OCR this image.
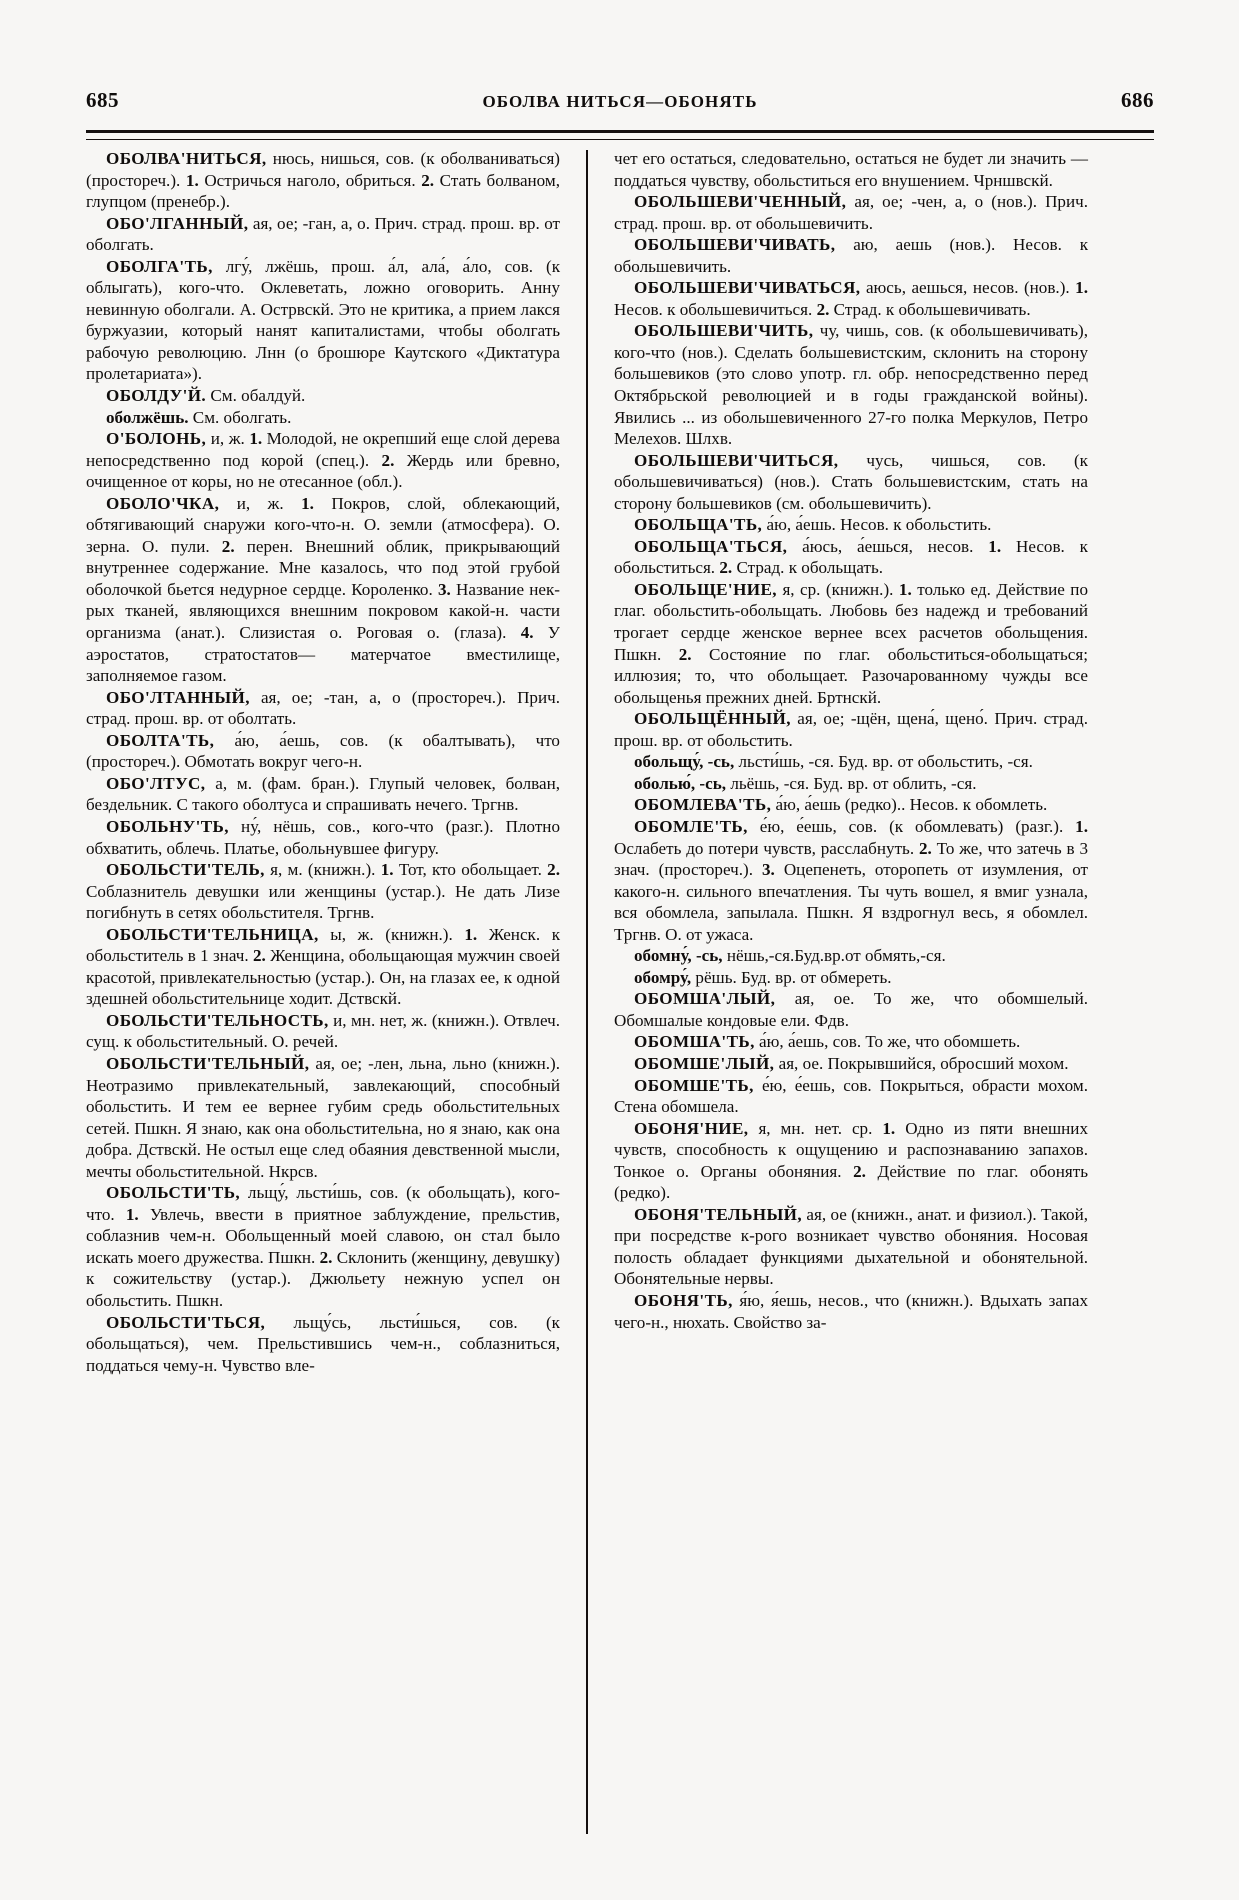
685	ОБОЛВА НИТЬСЯ—ОБОНЯТЬ	686

ОБОЛВА'НИТЬСЯ, нюсь, нишься, сов. (к оболваниваться) (простореч.). 1. Остричься наголо, обриться. 2. Стать болваном, глупцом (пренебр.).

ОБО'ЛГАННЫЙ, ая, ое; -ган, а, о. Прич. страд. прош. вр. от оболгать.

ОБОЛГА'ТЬ, лгу́, лжёшь, прош. а́л, ала́, а́ло, сов. (к облыгать), кого-что. Оклеветать, ложно оговорить. Анну невинную оболгали. А. Острвскй. Это не критика, а прием лакся буржуазии, который нанят капиталистами, чтобы оболгать рабочую революцию. Лнн (о брошюре Каутского «Диктатура пролетариата»).

ОБОЛДУ'Й. См. обалдуй.

оболжёшь. См. оболгать.

О'БОЛОНЬ, и, ж. 1. Молодой, не окрепший еще слой дерева непосредственно под корой (спец.). 2. Жердь или бревно, очищенное от коры, но не отесанное (обл.).

ОБОЛО'ЧКА, и, ж. 1. Покров, слой, облекающий, обтягивающий снаружи кого-что-н. О. земли (атмосфера). О. зерна. О. пули. 2. перен. Внешний облик, прикрывающий внутреннее содержание. Мне казалось, что под этой грубой оболочкой бьется недурное сердце. Короленко. 3. Название нек-рых тканей, являющихся внешним покровом какой-н. части организма (анат.). Слизистая о. Роговая о. (глаза). 4. У аэростатов, стратостатов— матерчатое вместилище, заполняемое газом.

ОБО'ЛТАННЫЙ, ая, ое; -тан, а, о (простореч.). Прич. страд. прош. вр. от оболтать.

ОБОЛТА'ТЬ, а́ю, а́ешь, сов. (к обалтывать), что (простореч.). Обмотать вокруг чего-н.

ОБО'ЛТУС, а, м. (фам. бран.). Глупый человек, болван, бездельник. С такого оболтуса и спрашивать нечего. Тргнв.

ОБОЛЬНУ'ТЬ, ну́, нёшь, сов., кого-что (разг.). Плотно обхватить, облечь. Платье, обольнувшее фигуру.

ОБОЛЬСТИ'ТЕЛЬ, я, м. (книжн.). 1. Тот, кто обольщает. 2. Соблазнитель девушки или женщины (устар.). Не дать Лизе погибнуть в сетях обольстителя. Тргнв.

ОБОЛЬСТИ'ТЕЛЬНИЦА, ы, ж. (книжн.). 1. Женск. к обольститель в 1 знач. 2. Женщина, обольщающая мужчин своей красотой, привлекательностью (устар.). Он, на глазах ее, к одной здешней обольстительнице ходит. Дствскй.

ОБОЛЬСТИ'ТЕЛЬНОСТЬ, и, мн. нет, ж. (книжн.). Отвлеч. сущ. к обольстительный. О. речей.

ОБОЛЬСТИ'ТЕЛЬНЫЙ, ая, ое; -лен, льна, льно (книжн.). Неотразимо привлекательный, завлекающий, способный обольстить. И тем ее вернее губим средь обольстительных сетей. Пшкн. Я знаю, как она обольстительна, но я знаю, как она добра. Дствскй. Не остыл еще след обаяния девственной мысли, мечты обольстительной. Нкрсв.

ОБОЛЬСТИ'ТЬ, льщу́, льсти́шь, сов. (к обольщать), кого-что. 1. Увлечь, ввести в приятное заблуждение, прельстив, соблазнив чем-н. Обольщенный моей славою, он стал было искать моего дружества. Пшкн. 2. Склонить (женщину, девушку) к сожительству (устар.). Джюльету нежную успел он обольстить. Пшкн.

ОБОЛЬСТИ'ТЬСЯ, льщу́сь, льсти́шься, сов. (к обольщаться), чем. Прельстившись чем-н., соблазниться, поддаться чему-н. Чувство вле-

чет его остаться, следовательно, остаться не будет ли значить — поддаться чувству, обольститься его внушением. Чрншвскй.

ОБОЛЬШЕВИ'ЧЕННЫЙ, ая, ое; -чен, а, о (нов.). Прич. страд. прош. вр. от обольшевичить.

ОБОЛЬШЕВИ'ЧИВАТЬ, аю, аешь (нов.). Несов. к обольшевичить.

ОБОЛЬШЕВИ'ЧИВАТЬСЯ, аюсь, аешься, несов. (нов.). 1. Несов. к обольшевичиться. 2. Страд. к обольшевичивать.

ОБОЛЬШЕВИ'ЧИТЬ, чу, чишь, сов. (к обольшевичивать), кого-что (нов.). Сделать большевистским, склонить на сторону большевиков (это слово употр. гл. обр. непосредственно перед Октябрьской революцией и в годы гражданской войны). Явились ... из обольшевиченного 27-го полка Меркулов, Петро Мелехов. Шлхв.

ОБОЛЬШЕВИ'ЧИТЬСЯ, чусь, чишься, сов. (к обольшевичиваться) (нов.). Стать большевистским, стать на сторону большевиков (см. обольшевичить).

ОБОЛЬЩА'ТЬ, а́ю, а́ешь. Несов. к обольстить.

ОБОЛЬЩА'ТЬСЯ, а́юсь, а́ешься, несов. 1. Несов. к обольститься. 2. Страд. к обольщать.

ОБОЛЬЩЕ'НИЕ, я, ср. (книжн.). 1. только ед. Действие по глаг. обольстить-обольщать. Любовь без надежд и требований трогает сердце женское вернее всех расчетов обольщения. Пшкн. 2. Состояние по глаг. обольститься-обольщаться; иллюзия; то, что обольщает. Разочарованному чужды все обольщенья прежних дней. Бртнскй.

ОБОЛЬЩЁННЫЙ, ая, ое; -щён, щена́, щено́. Прич. страд. прош. вр. от обольстить.

обольщу́, -сь, льсти́шь, -ся. Буд. вр. от обольстить, -ся.

оболью́, -сь, льёшь, -ся. Буд. вр. от облить, -ся.

ОБОМЛЕВА'ТЬ, а́ю, а́ешь (редко).. Несов. к обомлеть.

ОБОМЛЕ'ТЬ, е́ю, е́ешь, сов. (к обомлевать) (разг.). 1. Ослабеть до потери чувств, расслабнуть. 2. То же, что затечь в 3 знач. (простореч.). 3. Оцепенеть, оторопеть от изумления, от какого-н. сильного впечатления. Ты чуть вошел, я вмиг узнала, вся обомлела, запылала. Пшкн. Я вздрогнул весь, я обомлел. Тргнв. О. от ужаса.

обомну́, -сь, нёшь,-ся.Буд.вр.от обмять,-ся.

обомру́, рёшь. Буд. вр. от обмереть.

ОБОМША'ЛЫЙ, ая, ое. То же, что обомшелый. Обомшалые кондовые ели. Фдв.

ОБОМША'ТЬ, а́ю, а́ешь, сов. То же, что обомшеть.

ОБОМШЕ'ЛЫЙ, ая, ое. Покрывшийся, обросший мохом.

ОБОМШЕ'ТЬ, е́ю, е́ешь, сов. Покрыться, обрасти мохом. Стена обомшела.

ОБОНЯ'НИЕ, я, мн. нет. ср. 1. Одно из пяти внешних чувств, способность к ощущению и распознаванию запахов. Тонкое о. Органы обоняния. 2. Действие по глаг. обонять (редко).

ОБОНЯ'ТЕЛЬНЫЙ, ая, ое (книжн., анат. и физиол.). Такой, при посредстве к-рого возникает чувство обоняния. Носовая полость обладает функциями дыхательной и обонятельной. Обонятельные нервы.

ОБОНЯ'ТЬ, я́ю, я́ешь, несов., что (книжн.). Вдыхать запах чего-н., нюхать. Свойство за-
